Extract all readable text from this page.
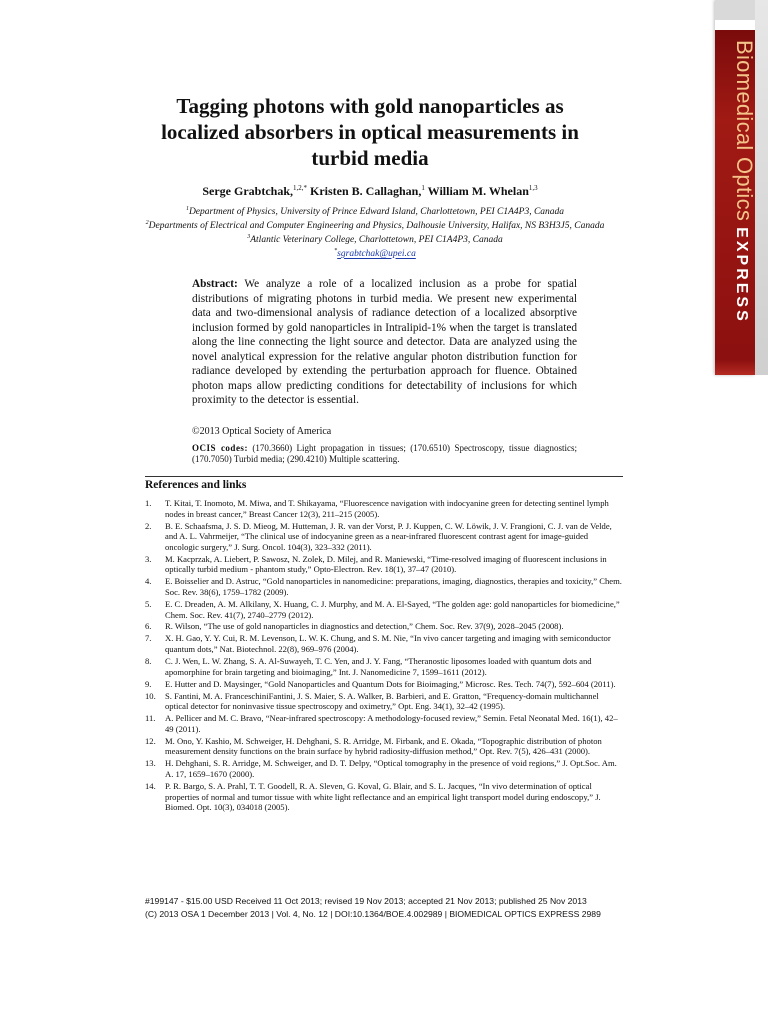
Biomedical OpticsEXPRESS
Tagging photons with gold nanoparticles as localized absorbers in optical measurements in turbid media
Serge Grabtchak,$^{1,2,*}$ Kristen B. Callaghan,$^1$ William M. Whelan$^{1,3}$
$^1$Department of Physics, University of Prince Edward Island, Charlottetown, PEI C1A4P3, Canada
$^2$Departments of Electrical and Computer Engineering and Physics, Dalhousie University, Halifax, NS B3H3J5, Canada
$^3$Atlantic Veterinary College, Charlottetown, PEI C1A4P3, Canada
*sgrabtchak@upei.ca
Abstract: We analyze a role of a localized inclusion as a probe for spatial distributions of migrating photons in turbid media. We present new experimental data and two-dimensional analysis of radiance detection of a localized absorptive inclusion formed by gold nanoparticles in Intralipid-1% when the target is translated along the line connecting the light source and detector. Data are analyzed using the novel analytical expression for the relative angular photon distribution function for radiance developed by extending the perturbation approach for fluence. Obtained photon maps allow predicting conditions for detectability of inclusions for which proximity to the detector is essential.
©2013 Optical Society of America
OCIS codes: (170.3660) Light propagation in tissues; (170.6510) Spectroscopy, tissue diagnostics; (170.7050) Turbid media; (290.4210) Multiple scattering.
References and links
1.	T. Kitai, T. Inomoto, M. Miwa, and T. Shikayama, “Fluorescence navigation with indocyanine green for detecting sentinel lymph nodes in breast cancer,” Breast Cancer 12(3), 211–215 (2005).
2.	B. E. Schaafsma, J. S. D. Mieog, M. Hutteman, J. R. van der Vorst, P. J. Kuppen, C. W. Löwik, J. V. Frangioni, C. J. van de Velde, and A. L. Vahrmeijer, “The clinical use of indocyanine green as a near-infrared fluorescent contrast agent for image-guided oncologic surgery,” J. Surg. Oncol. 104(3), 323–332 (2011).
3.	M. Kacprzak, A. Liebert, P. Sawosz, N. Zolek, D. Milej, and R. Maniewski, “Time-resolved imaging of fluorescent inclusions in optically turbid medium - phantom study,” Opto-Electron. Rev. 18(1), 37–47 (2010).
4.	E. Boisselier and D. Astruc, “Gold nanoparticles in nanomedicine: preparations, imaging, diagnostics, therapies and toxicity,” Chem. Soc. Rev. 38(6), 1759–1782 (2009).
5.	E. C. Dreaden, A. M. Alkilany, X. Huang, C. J. Murphy, and M. A. El-Sayed, “The golden age: gold nanoparticles for biomedicine,” Chem. Soc. Rev. 41(7), 2740–2779 (2012).
6.	R. Wilson, “The use of gold nanoparticles in diagnostics and detection,” Chem. Soc. Rev. 37(9), 2028–2045 (2008).
7.	X. H. Gao, Y. Y. Cui, R. M. Levenson, L. W. K. Chung, and S. M. Nie, “In vivo cancer targeting and imaging with semiconductor quantum dots,” Nat. Biotechnol. 22(8), 969–976 (2004).
8.	C. J. Wen, L. W. Zhang, S. A. Al-Suwayeh, T. C. Yen, and J. Y. Fang, “Theranostic liposomes loaded with quantum dots and apomorphine for brain targeting and bioimaging,” Int. J. Nanomedicine 7, 1599–1611 (2012).
9.	E. Hutter and D. Maysinger, “Gold Nanoparticles and Quantum Dots for Bioimaging,” Microsc. Res. Tech. 74(7), 592–604 (2011).
10.	S. Fantini, M. A. FranceschiniFantini, J. S. Maier, S. A. Walker, B. Barbieri, and E. Gratton, “Frequency-domain multichannel optical detector for noninvasive tissue spectroscopy and oximetry,” Opt. Eng. 34(1), 32–42 (1995).
11.	A. Pellicer and M. C. Bravo, “Near-infrared spectroscopy: A methodology-focused review,” Semin. Fetal Neonatal Med. 16(1), 42–49 (2011).
12.	M. Ono, Y. Kashio, M. Schweiger, H. Dehghani, S. R. Arridge, M. Firbank, and E. Okada, “Topographic distribution of photon measurement density functions on the brain surface by hybrid radiosity-diffusion method,” Opt. Rev. 7(5), 426–431 (2000).
13.	H. Dehghani, S. R. Arridge, M. Schweiger, and D. T. Delpy, “Optical tomography in the presence of void regions,” J. Opt.Soc. Am. A. 17, 1659–1670 (2000).
14.	P. R. Bargo, S. A. Prahl, T. T. Goodell, R. A. Sleven, G. Koval, G. Blair, and S. L. Jacques, “In vivo determination of optical properties of normal and tumor tissue with white light reflectance and an empirical light transport model during endoscopy,” J. Biomed. Opt. 10(3), 034018 (2005).
#199147 - $15.00 USD Received 11 Oct 2013; revised 19 Nov 2013; accepted 21 Nov 2013; published 25 Nov 2013
(C) 2013 OSA 1 December 2013 | Vol. 4, No. 12 | DOI:10.1364/BOE.4.002989 | BIOMEDICAL OPTICS EXPRESS 2989
